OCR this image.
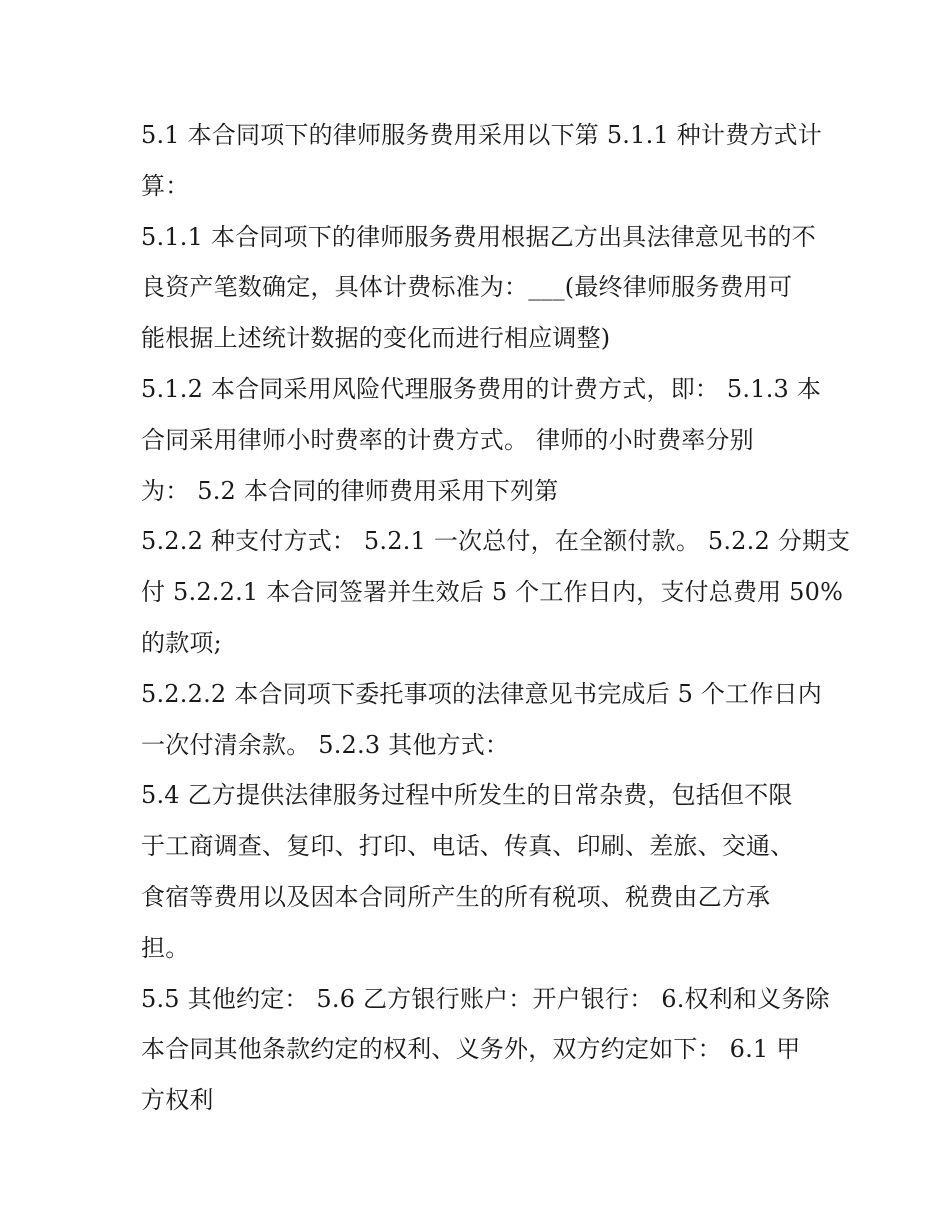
5.1 本合同项下的律师服务费用采用以下第 5.1.1 种计费方式计
算：
5.1.1 本合同项下的律师服务费用根据乙方出具法律意见书的不
良资产笔数确定，具体计费标准为：___(最终律师服务费用可
能根据上述统计数据的变化而进行相应调整)
5.1.2 本合同采用风险代理服务费用的计费方式，即： 5.1.3 本
合同采用律师小时费率的计费方式。 律师的小时费率分别
为： 5.2 本合同的律师费用采用下列第
5.2.2 种支付方式： 5.2.1 一次总付，在全额付款。 5.2.2 分期支
付 5.2.2.1 本合同签署并生效后 5 个工作日内，支付总费用 50%
的款项;
5.2.2.2 本合同项下委托事项的法律意见书完成后 5 个工作日内
一次付清余款。 5.2.3 其他方式：
5.4 乙方提供法律服务过程中所发生的日常杂费，包括但不限
于工商调查、复印、打印、电话、传真、印刷、差旅、交通、
食宿等费用以及因本合同所产生的所有税项、税费由乙方承
担。
5.5 其他约定： 5.6 乙方银行账户：开户银行： 6.权利和义务除
本合同其他条款约定的权利、义务外，双方约定如下： 6.1 甲
方权利
